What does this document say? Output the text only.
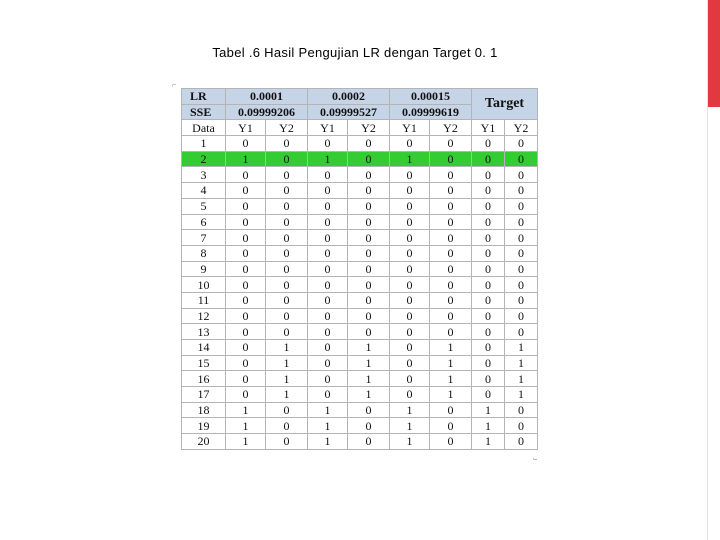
Tabel .6 Hasil Pengujian LR dengan Target 0. 1
⌐
⌙
LR	0.0001		0.0002		0.00015		Target	
SSE	0.09999206		0.09999527		0.09999619			
Data	Y1	Y2	Y1	Y2	Y1	Y2	Y1	Y2
1	0	0	0	0	0	0	0	0
2	1	0	1	0	1	0	0	0
3	0	0	0	0	0	0	0	0
4	0	0	0	0	0	0	0	0
5	0	0	0	0	0	0	0	0
6	0	0	0	0	0	0	0	0
7	0	0	0	0	0	0	0	0
8	0	0	0	0	0	0	0	0
9	0	0	0	0	0	0	0	0
10	0	0	0	0	0	0	0	0
11	0	0	0	0	0	0	0	0
12	0	0	0	0	0	0	0	0
13	0	0	0	0	0	0	0	0
14	0	1	0	1	0	1	0	1
15	0	1	0	1	0	1	0	1
16	0	1	0	1	0	1	0	1
17	0	1	0	1	0	1	0	1
18	1	0	1	0	1	0	1	0
19	1	0	1	0	1	0	1	0
20	1	0	1	0	1	0	1	0
